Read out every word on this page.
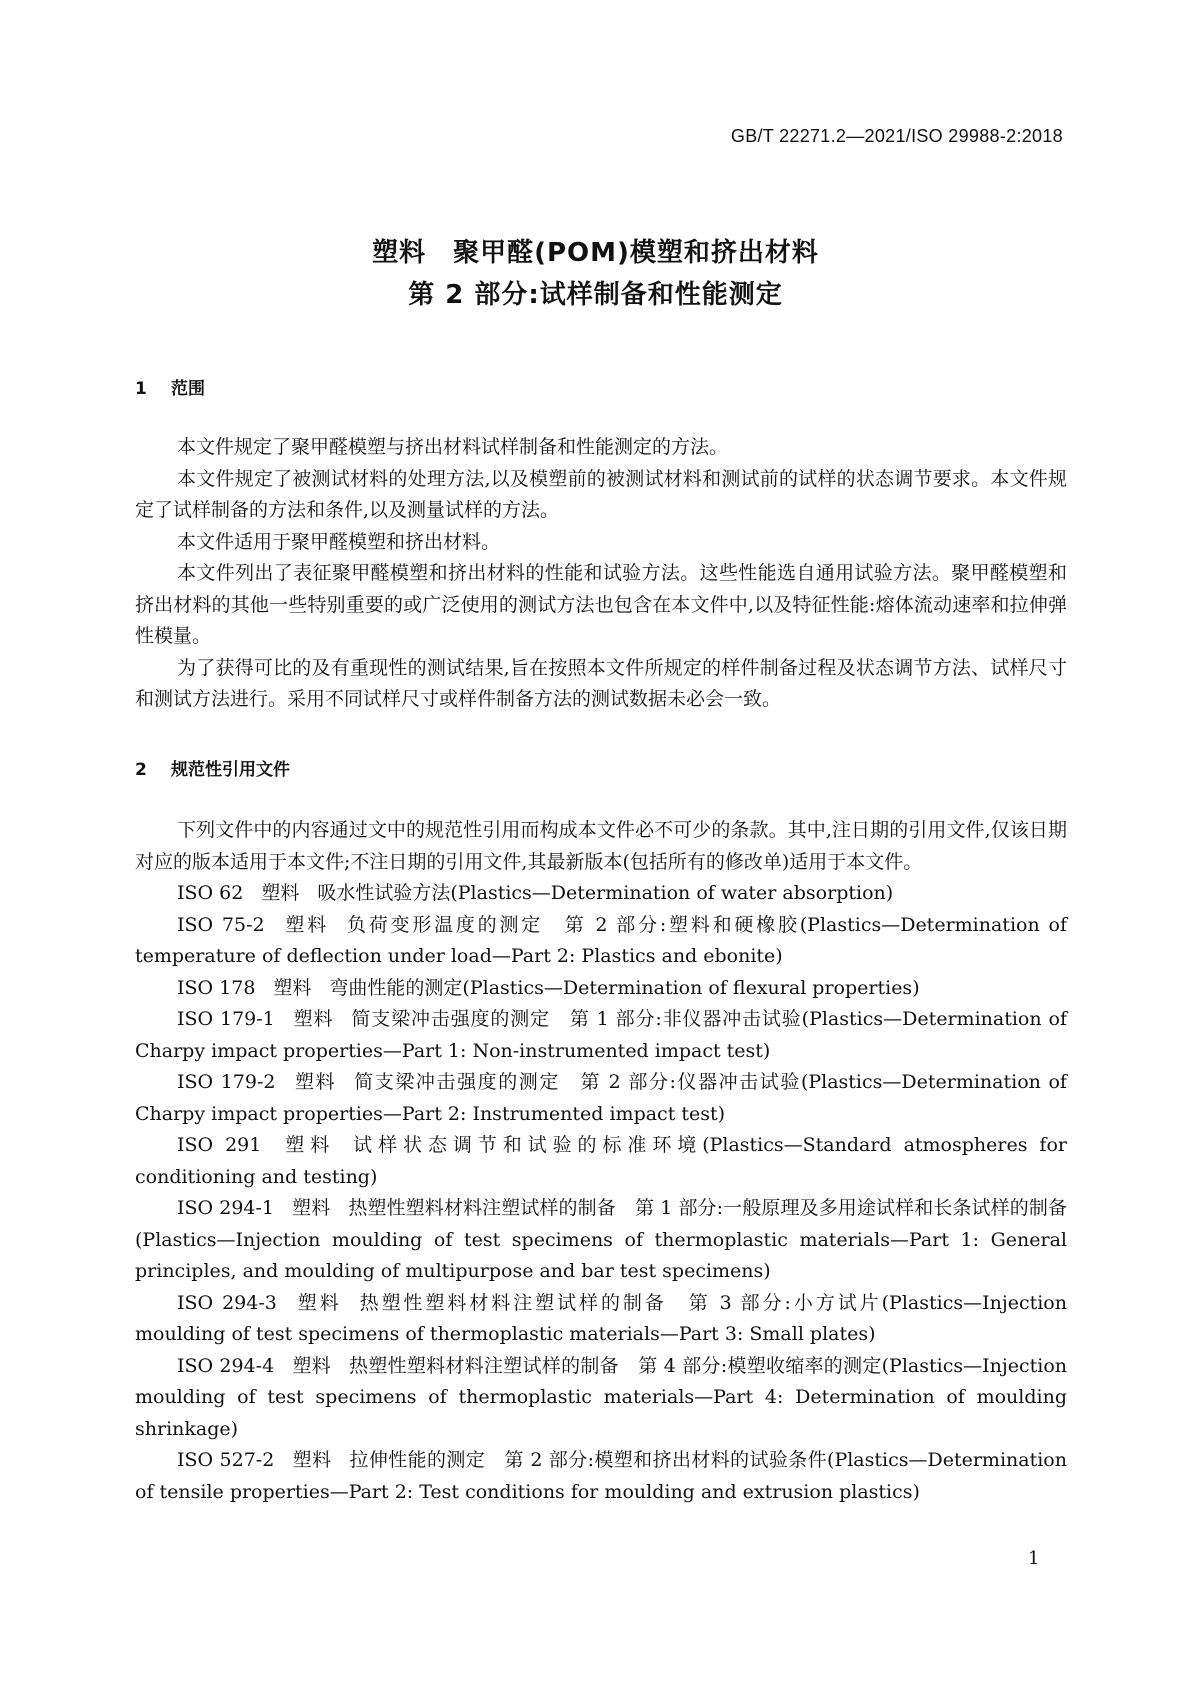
GB/T 22271.2—2021/ISO 29988-2:2018
塑料　聚甲醛(POM)模塑和挤出材料
第 2 部分:试样制备和性能测定
1 范围

本文件规定了聚甲醛模塑与挤出材料试样制备和性能测定的方法。

本文件规定了被测试材料的处理方法,以及模塑前的被测试材料和测试前的试样的状态调节要求。本文件规定了试样制备的方法和条件,以及测量试样的方法。

本文件适用于聚甲醛模塑和挤出材料。

本文件列出了表征聚甲醛模塑和挤出材料的性能和试验方法。这些性能选自通用试验方法。聚甲醛模塑和挤出材料的其他一些特别重要的或广泛使用的测试方法也包含在本文件中,以及特征性能:熔体流动速率和拉伸弹性模量。

为了获得可比的及有重现性的测试结果,旨在按照本文件所规定的样件制备过程及状态调节方法、试样尺寸和测试方法进行。采用不同试样尺寸或样件制备方法的测试数据未必会一致。

2 规范性引用文件

下列文件中的内容通过文中的规范性引用而构成本文件必不可少的条款。其中,注日期的引用文件,仅该日期对应的版本适用于本文件;不注日期的引用文件,其最新版本(包括所有的修改单)适用于本文件。

ISO 62 塑料 吸水性试验方法(Plastics—Determination of water absorption)

ISO 75-2 塑料 负荷变形温度的测定　第 2 部分:塑料和硬橡胶(Plastics—Determination of temperature of deflection under load—Part 2: Plastics and ebonite)

ISO 178 塑料 弯曲性能的测定(Plastics—Determination of flexural properties)

ISO 179-1 塑料 简支梁冲击强度的测定　第 1 部分:非仪器冲击试验(Plastics—Determination of Charpy impact properties—Part 1: Non-instrumented impact test)

ISO 179-2 塑料 简支梁冲击强度的测定　第 2 部分:仪器冲击试验(Plastics—Determination of Charpy impact properties—Part 2: Instrumented impact test)

ISO 291 塑料 试样状态调节和试验的标准环境(Plastics—Standard atmospheres for conditioning and testing)

ISO 294-1 塑料 热塑性塑料材料注塑试样的制备　第 1 部分:一般原理及多用途试样和长条试样的制备(Plastics—Injection moulding of test specimens of thermoplastic materials—Part 1: General principles, and moulding of multipurpose and bar test specimens)

ISO 294-3 塑料 热塑性塑料材料注塑试样的制备　第 3 部分:小方试片(Plastics—Injection moulding of test specimens of thermoplastic materials—Part 3: Small plates)

ISO 294-4 塑料 热塑性塑料材料注塑试样的制备　第 4 部分:模塑收缩率的测定(Plastics—Injection moulding of test specimens of thermoplastic materials—Part 4: Determination of moulding shrinkage)

ISO 527-2 塑料 拉伸性能的测定　第 2 部分:模塑和挤出材料的试验条件(Plastics—Determination of tensile properties—Part 2: Test conditions for moulding and extrusion plastics)

1
